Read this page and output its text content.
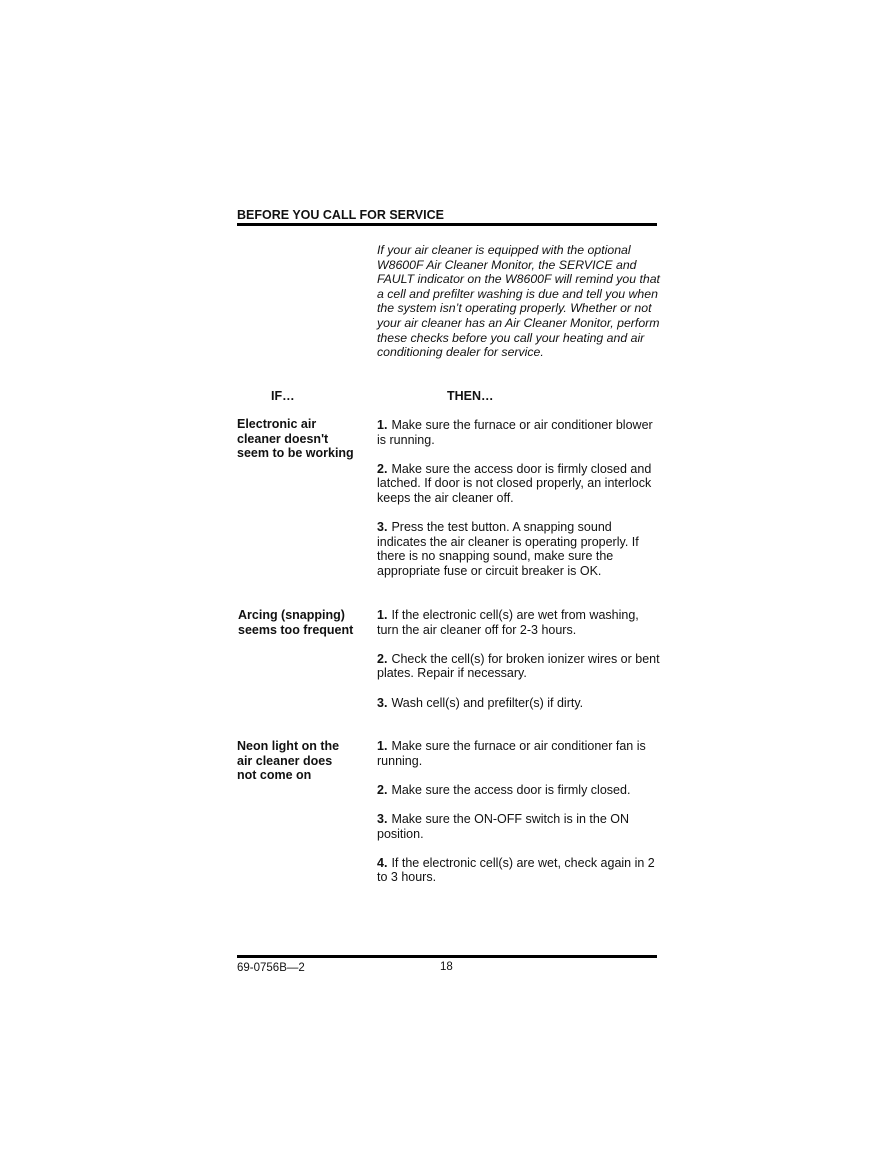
BEFORE YOU CALL FOR SERVICE
If your air cleaner is equipped with the optional W8600F Air Cleaner Monitor, the SERVICE and FAULT indicator on the W8600F will remind you that a cell and prefilter washing is due and tell you when the system isn’t operating properly. Whether or not your air cleaner has an Air Cleaner Monitor, perform these checks before you call your heating and air conditioning dealer for service.
IF…	THEN…
Electronic air cleaner doesn't seem to be working

1. Make sure the furnace or air conditioner blower is running.

2. Make sure the access door is firmly closed and latched. If door is not closed properly, an interlock keeps the air cleaner off.

3. Press the test button. A snapping sound indicates the air cleaner is operating properly. If there is no snapping sound, make sure the appropriate fuse or circuit breaker is OK.

Arcing (snapping) seems too frequent

1. If the electronic cell(s) are wet from washing, turn the air cleaner off for 2-3 hours.

2. Check the cell(s) for broken ionizer wires or bent plates. Repair if necessary.

3. Wash cell(s) and prefilter(s) if dirty.

Neon light on the air cleaner does not come on

1. Make sure the furnace or air conditioner fan is running.

2. Make sure the access door is firmly closed.

3. Make sure the ON-OFF switch is in the ON position.

4. If the electronic cell(s) are wet, check again in 2 to 3 hours.

69-0756B—2	18
